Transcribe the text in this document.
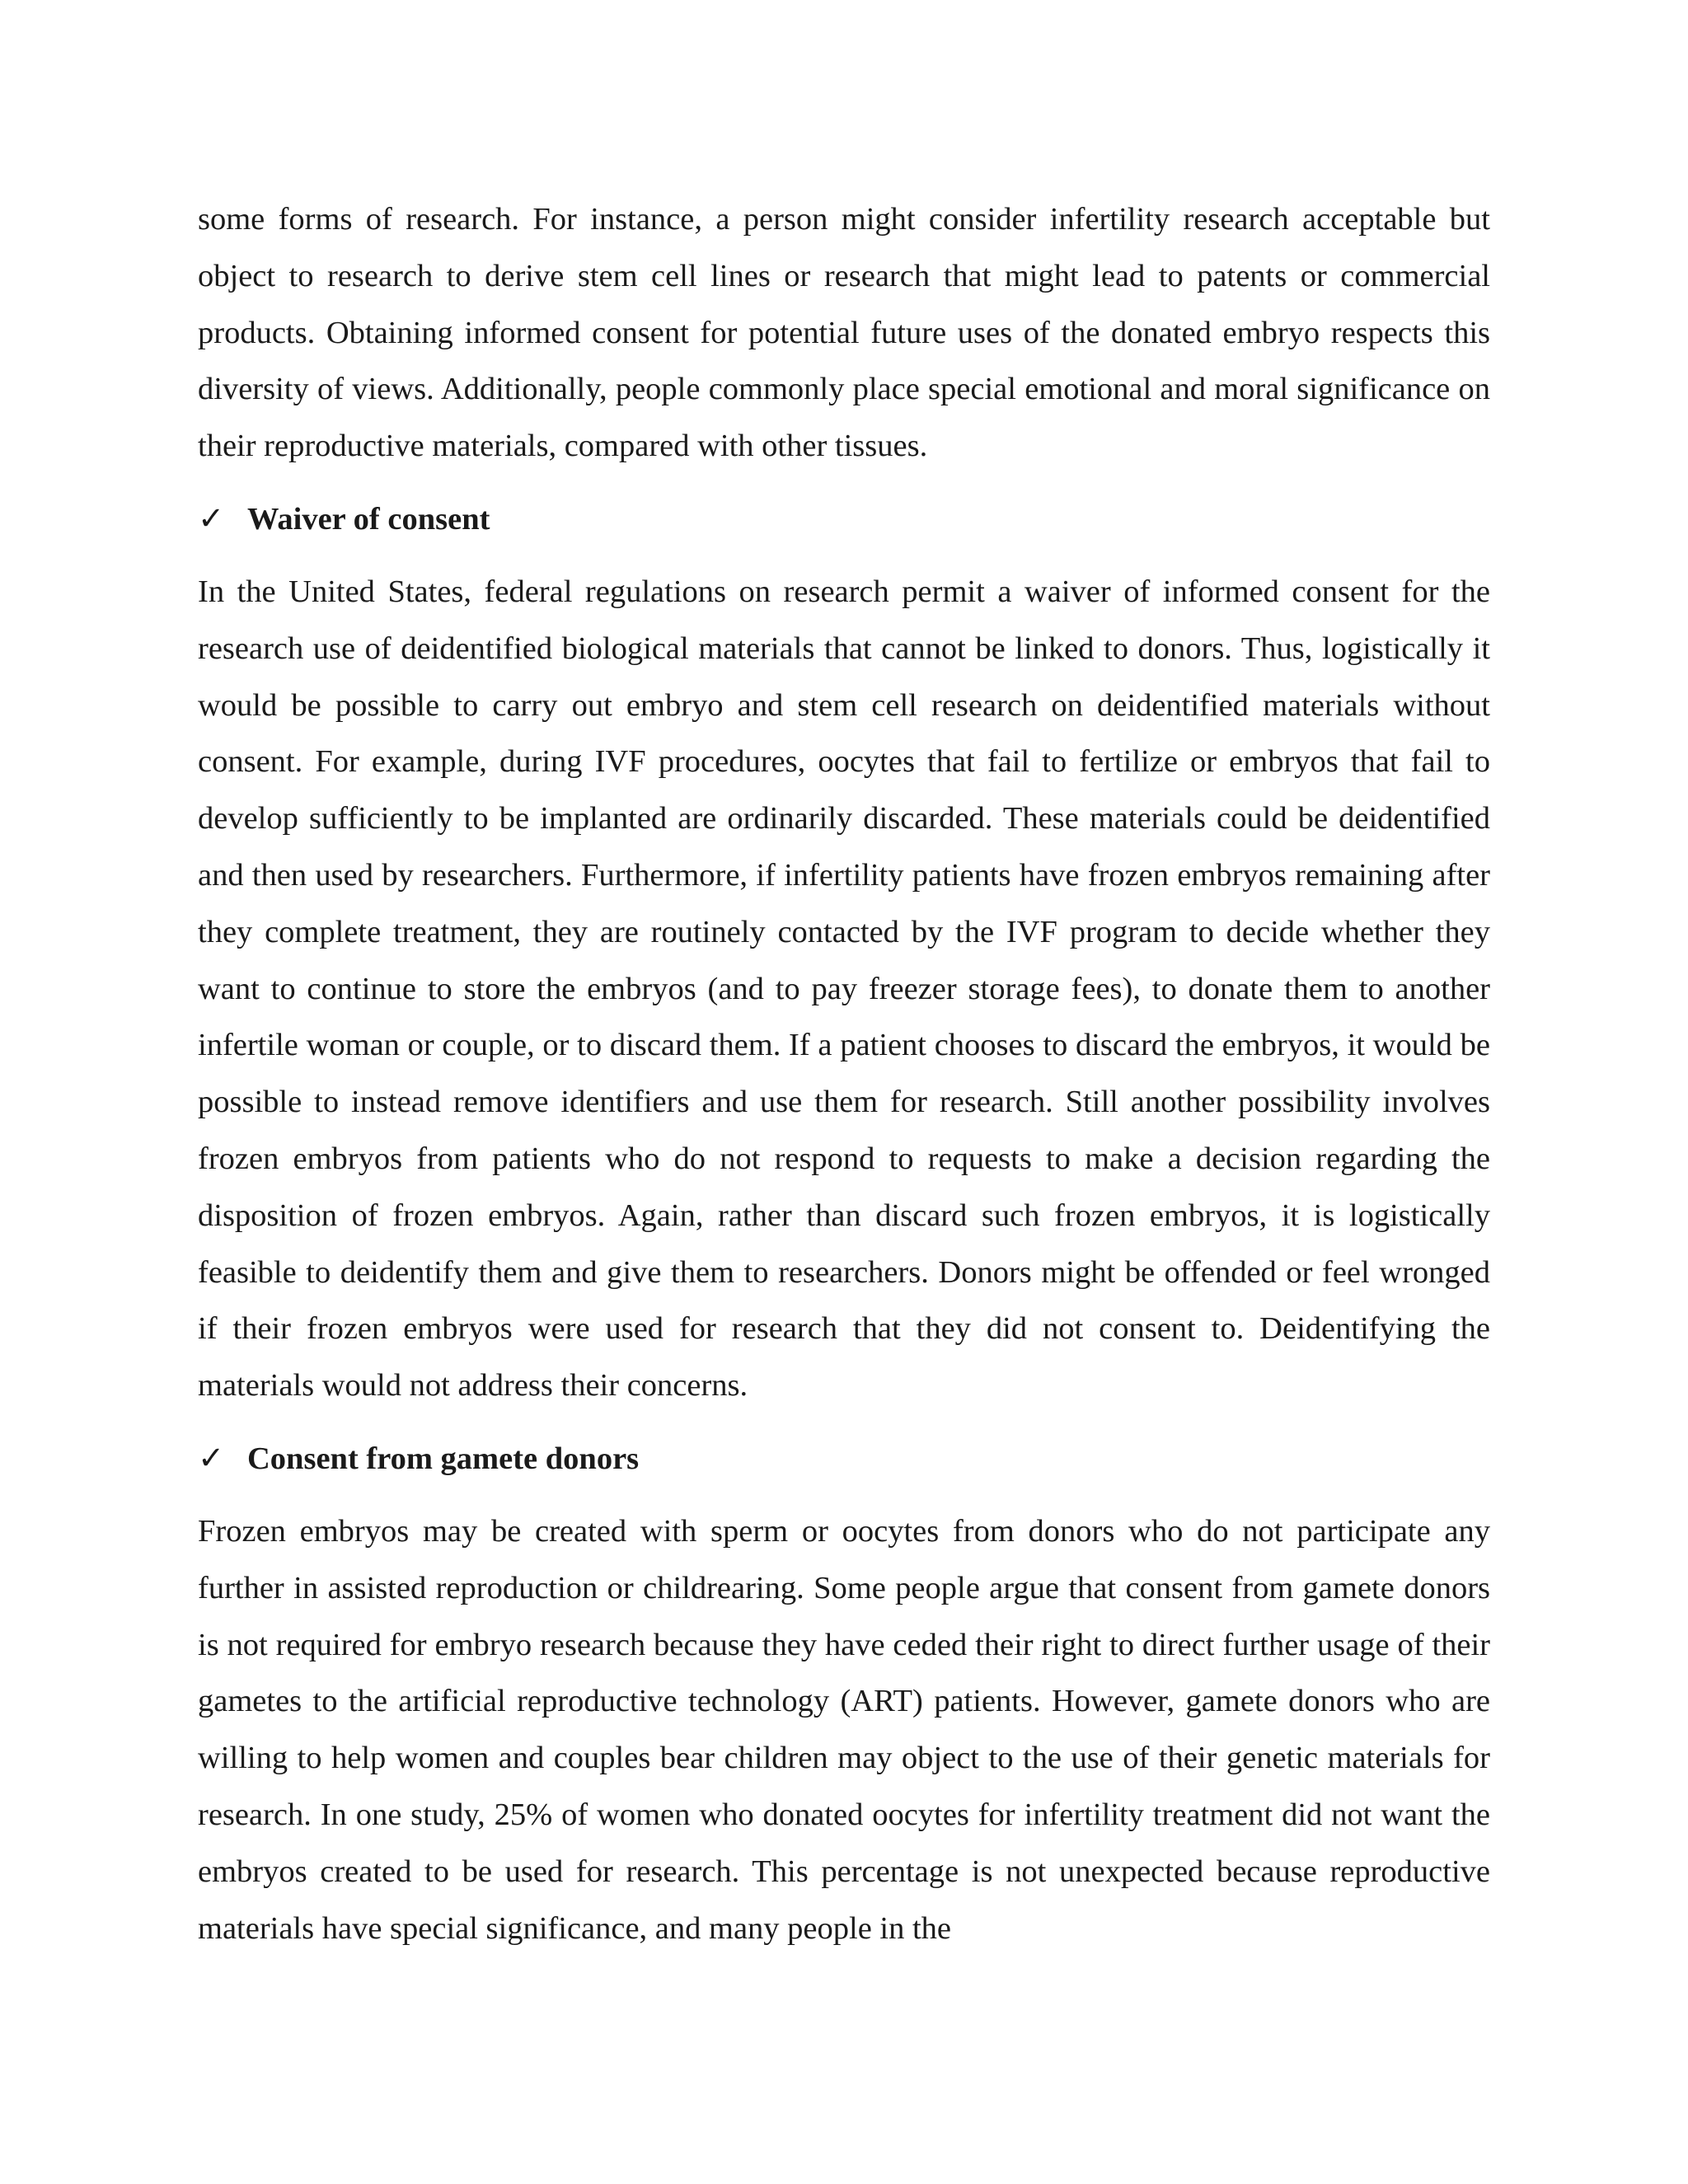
some forms of research. For instance, a person might consider infertility research acceptable but object to research to derive stem cell lines or research that might lead to patents or commercial products. Obtaining informed consent for potential future uses of the donated embryo respects this diversity of views. Additionally, people commonly place special emotional and moral significance on their reproductive materials, compared with other tissues.

✓ Waiver of consent

In the United States, federal regulations on research permit a waiver of informed consent for the research use of deidentified biological materials that cannot be linked to donors. Thus, logistically it would be possible to carry out embryo and stem cell research on deidentified materials without consent. For example, during IVF procedures, oocytes that fail to fertilize or embryos that fail to develop sufficiently to be implanted are ordinarily discarded. These materials could be deidentified and then used by researchers. Furthermore, if infertility patients have frozen embryos remaining after they complete treatment, they are routinely contacted by the IVF program to decide whether they want to continue to store the embryos (and to pay freezer storage fees), to donate them to another infertile woman or couple, or to discard them. If a patient chooses to discard the embryos, it would be possible to instead remove identifiers and use them for research. Still another possibility involves frozen embryos from patients who do not respond to requests to make a decision regarding the disposition of frozen embryos. Again, rather than discard such frozen embryos, it is logistically feasible to deidentify them and give them to researchers. Donors might be offended or feel wronged if their frozen embryos were used for research that they did not consent to. Deidentifying the materials would not address their concerns.

✓ Consent from gamete donors

Frozen embryos may be created with sperm or oocytes from donors who do not participate any further in assisted reproduction or childrearing. Some people argue that consent from gamete donors is not required for embryo research because they have ceded their right to direct further usage of their gametes to the artificial reproductive technology (ART) patients. However, gamete donors who are willing to help women and couples bear children may object to the use of their genetic materials for research. In one study, 25% of women who donated oocytes for infertility treatment did not want the embryos created to be used for research. This percentage is not unexpected because reproductive materials have special significance, and many people in the
